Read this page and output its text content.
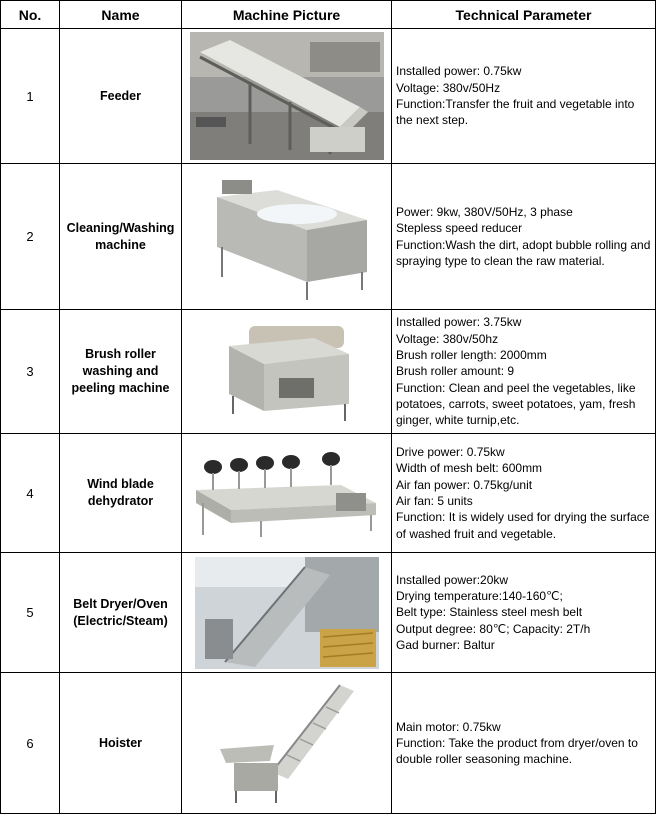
No.	Name	Machine Picture	Technical Parameter
1	Feeder		Installed power: 0.75kw
Voltage: 380v/50Hz
Function:Transfer the fruit and vegetable into the next step.
2	Cleaning/Washing machine		Power: 9kw, 380V/50Hz, 3 phase
Stepless speed reducer
Function:Wash the dirt, adopt bubble rolling and spraying type to clean the raw material.
3	Brush roller washing and peeling machine		Installed power: 3.75kw
Voltage: 380v/50hz
Brush roller length: 2000mm
Brush roller amount: 9
Function: Clean and peel the vegetables, like potatoes, carrots, sweet potatoes, yam, fresh ginger, white turnip,etc.
4	Wind blade dehydrator		Drive power: 0.75kw
Width of mesh belt: 600mm
Air fan power: 0.75kg/unit
Air fan: 5 units
Function: It is widely used for drying the surface of washed fruit and vegetable.
5	Belt Dryer/Oven (Electric/Steam)		Installed power:20kw
Drying temperature:140-160℃;
Belt type: Stainless steel mesh belt
Output degree: 80℃; Capacity: 2T/h
Gad burner: Baltur
6	Hoister		Main motor: 0.75kw
Function: Take the product from dryer/oven to double roller seasoning machine.
